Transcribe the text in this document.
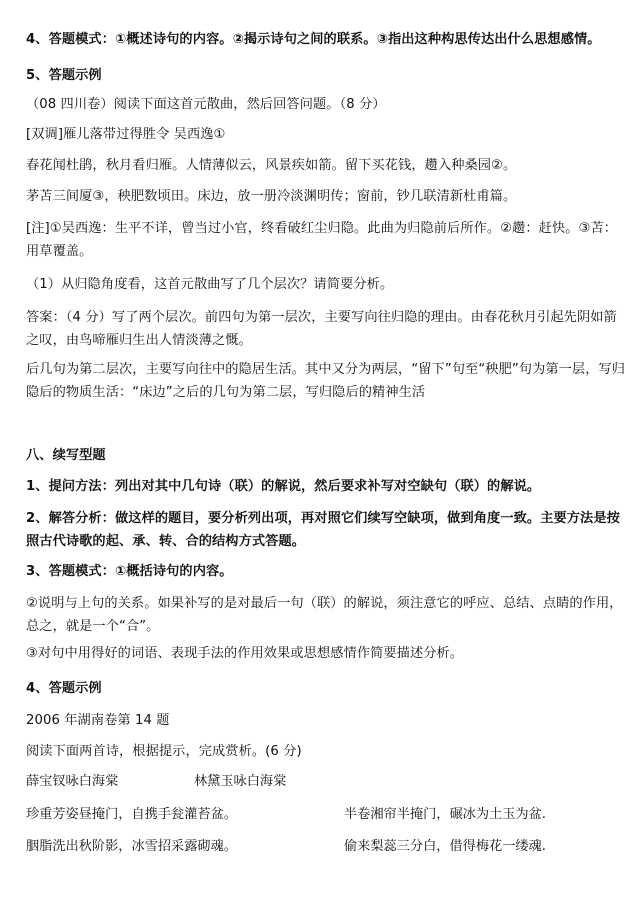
4、答题模式：①概述诗句的内容。②揭示诗句之间的联系。③指出这种构思传达出什么思想感情。
5、答题示例
（08 四川卷）阅读下面这首元散曲，然后回答问题。（8 分）
[双调]雁儿落带过得胜令 吴西逸①
春花闻杜鹃，秋月看归雁。人情薄似云，风景疾如箭。留下买花钱，趱入种桑园②。
茅苫三间厦③，秧肥数顷田。床边，放一册冷淡渊明传；窗前，钞几联清新杜甫篇。
[注]①吴西逸：生平不详，曾当过小官，终看破红尘归隐。此曲为归隐前后所作。②趱：赶快。③苫：用草覆盖。
（1）从归隐角度看，这首元散曲写了几个层次？请简要分析。
答案：（4 分）写了两个层次。前四句为第一层次，主要写向往归隐的理由。由春花秋月引起先阴如箭之叹，由鸟啼雁归生出人情淡薄之慨。
后几句为第二层次，主要写向往中的隐居生活。其中又分为两层，“留下”句至“秧肥”句为第一层，写归隐后的物质生活：“床边”之后的几句为第二层，写归隐后的精神生活
八、续写型题
1、提问方法：列出对其中几句诗（联）的解说，然后要求补写对空缺句（联）的解说。
2、解答分析：做这样的题目，要分析列出项，再对照它们续写空缺项，做到角度一致。主要方法是按照古代诗歌的起、承、转、合的结构方式答题。
3、答题模式：①概括诗句的内容。
②说明与上句的关系。如果补写的是对最后一句（联）的解说，须注意它的呼应、总结、点睛的作用，总之，就是一个“合”。
③对句中用得好的词语、表现手法的作用效果或思想感情作简要描述分析。
4、答题示例
2006 年湖南卷第 14 题
阅读下面两首诗，根据提示，完成赏析。(6 分)
薛宝钗咏白海棠	林黛玉咏白海棠
珍重芳姿昼掩门，自携手瓮灌苔盆。	半卷湘帘半掩门，碾冰为土玉为盆.
胭脂洗出秋阶影，冰雪招采露砌魂。	偷来梨蕊三分白，借得梅花一缕魂.
